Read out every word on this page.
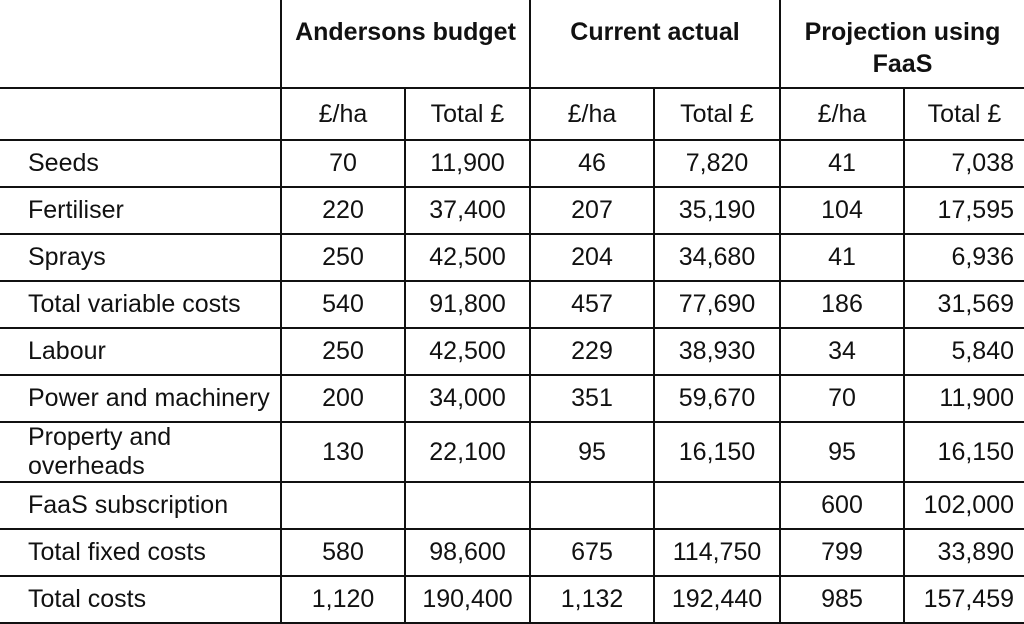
	Andersons budget		Current actual		Projection using FaaS	
	£/ha	Total £	£/ha	Total £	£/ha	Total £
Seeds	70	11,900	46	7,820	41	7,038
Fertiliser	220	37,400	207	35,190	104	17,595
Sprays	250	42,500	204	34,680	41	6,936
Total variable costs	540	91,800	457	77,690	186	31,569
Labour	250	42,500	229	38,930	34	5,840
Power and machinery	200	34,000	351	59,670	70	11,900
Property and overheads	130	22,100	95	16,150	95	16,150
FaaS subscription					600	102,000
Total fixed costs	580	98,600	675	114,750	799	33,890
Total costs	1,120	190,400	1,132	192,440	985	157,459
